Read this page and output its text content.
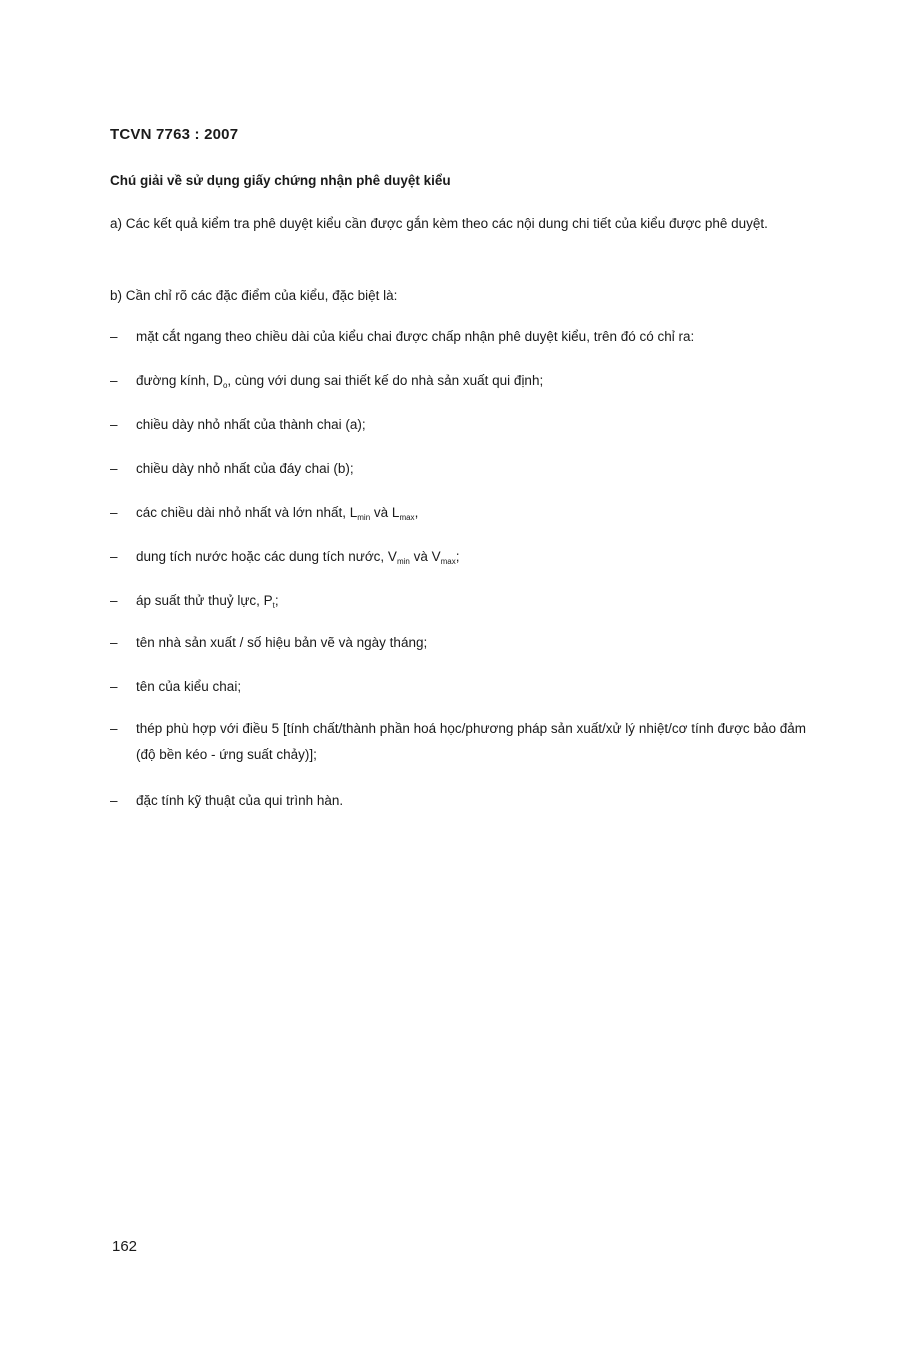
TCVN 7763 : 2007
Chú giải về sử dụng giấy chứng nhận phê duyệt kiểu
a) Các kết quả kiểm tra phê duyệt kiểu cần được gắn kèm theo các nội dung chi tiết của kiểu được phê duyệt.
b) Cần chỉ rõ các đặc điểm của kiểu, đặc biệt là:
–	mặt cắt ngang theo chiều dài của kiểu chai được chấp nhận phê duyệt kiểu, trên đó có chỉ ra:
–	đường kính, $D_o$, cùng với dung sai thiết kế do nhà sản xuất qui định;
–	chiều dày nhỏ nhất của thành chai (a);
–	chiều dày nhỏ nhất của đáy chai (b);
–	các chiều dài nhỏ nhất và lớn nhất, $L_{min}$ và $L_{max}$,
–	dung tích nước hoặc các dung tích nước, $V_{min}$ và $V_{max}$;
–	áp suất thử thuỷ lực, $P_t$;
–	tên nhà sản xuất / số hiệu bản vẽ và ngày tháng;
–	tên của kiểu chai;
–	thép phù hợp với điều 5 [tính chất/thành phần hoá học/phương pháp sản xuất/xử lý nhiệt/cơ tính được bảo đảm (độ bền kéo - ứng suất chảy)];
–	đặc tính kỹ thuật của qui trình hàn.
162
